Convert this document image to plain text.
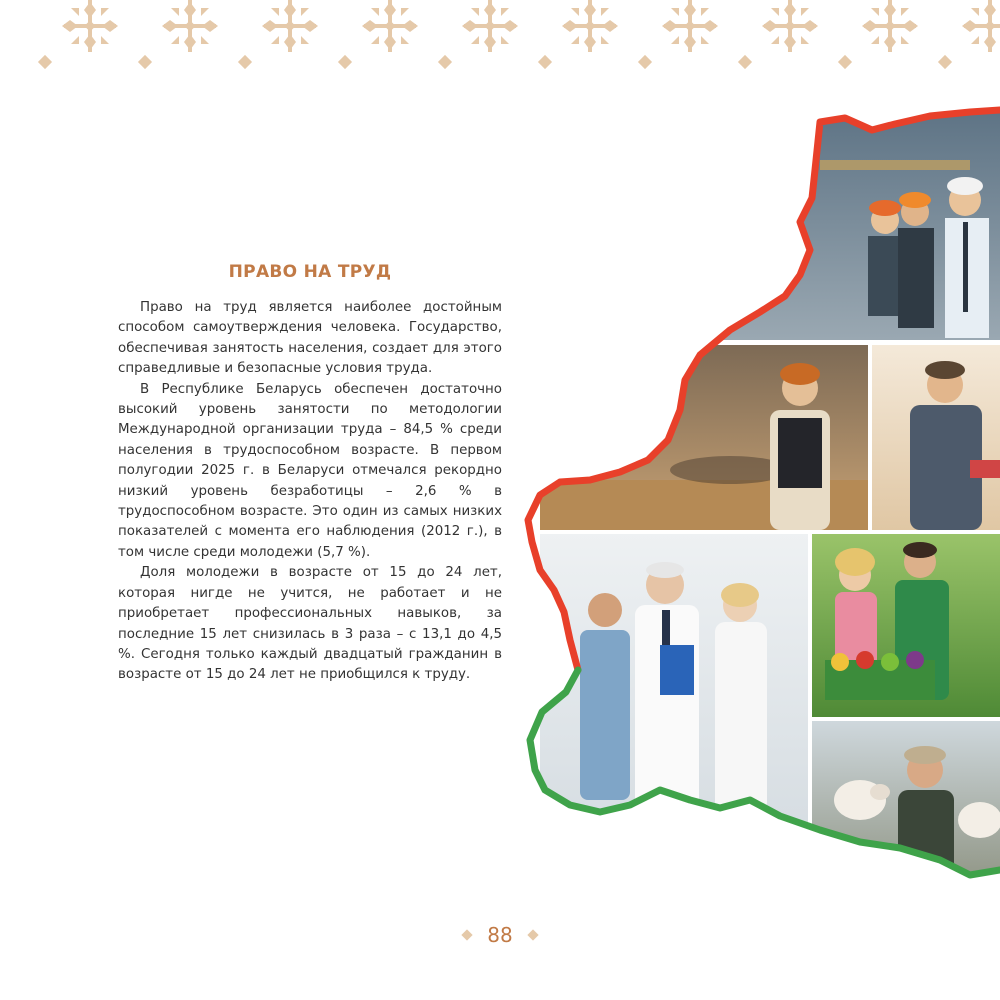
ПРАВО НА ТРУД

Право на труд является наиболее достойным способом самоутверждения человека. Государство, обеспечивая занятость населения, создает для этого справедливые и безопасные условия труда.

В Республике Беларусь обеспечен достаточно высокий уровень занятости по методологии Международной организации труда – 84,5 % среди населения в трудоспособном возрасте. В первом полугодии 2025 г. в Беларуси отмечался рекордно низкий уровень безработицы – 2,6 % в трудоспособном возрасте. Это один из самых низких показателей с момента его наблюдения (2012 г.), в том числе среди молодежи (5,7 %).

Доля молодежи в возрасте от 15 до 24 лет, которая нигде не учится, не работает и не приобретает профессиональных навыков, за последние 15 лет снизилась в 3 раза – с 13,1 до 4,5 %. Сегодня только каждый двадцатый гражданин в возрасте от 15 до 24 лет не приобщился к труду.

88
